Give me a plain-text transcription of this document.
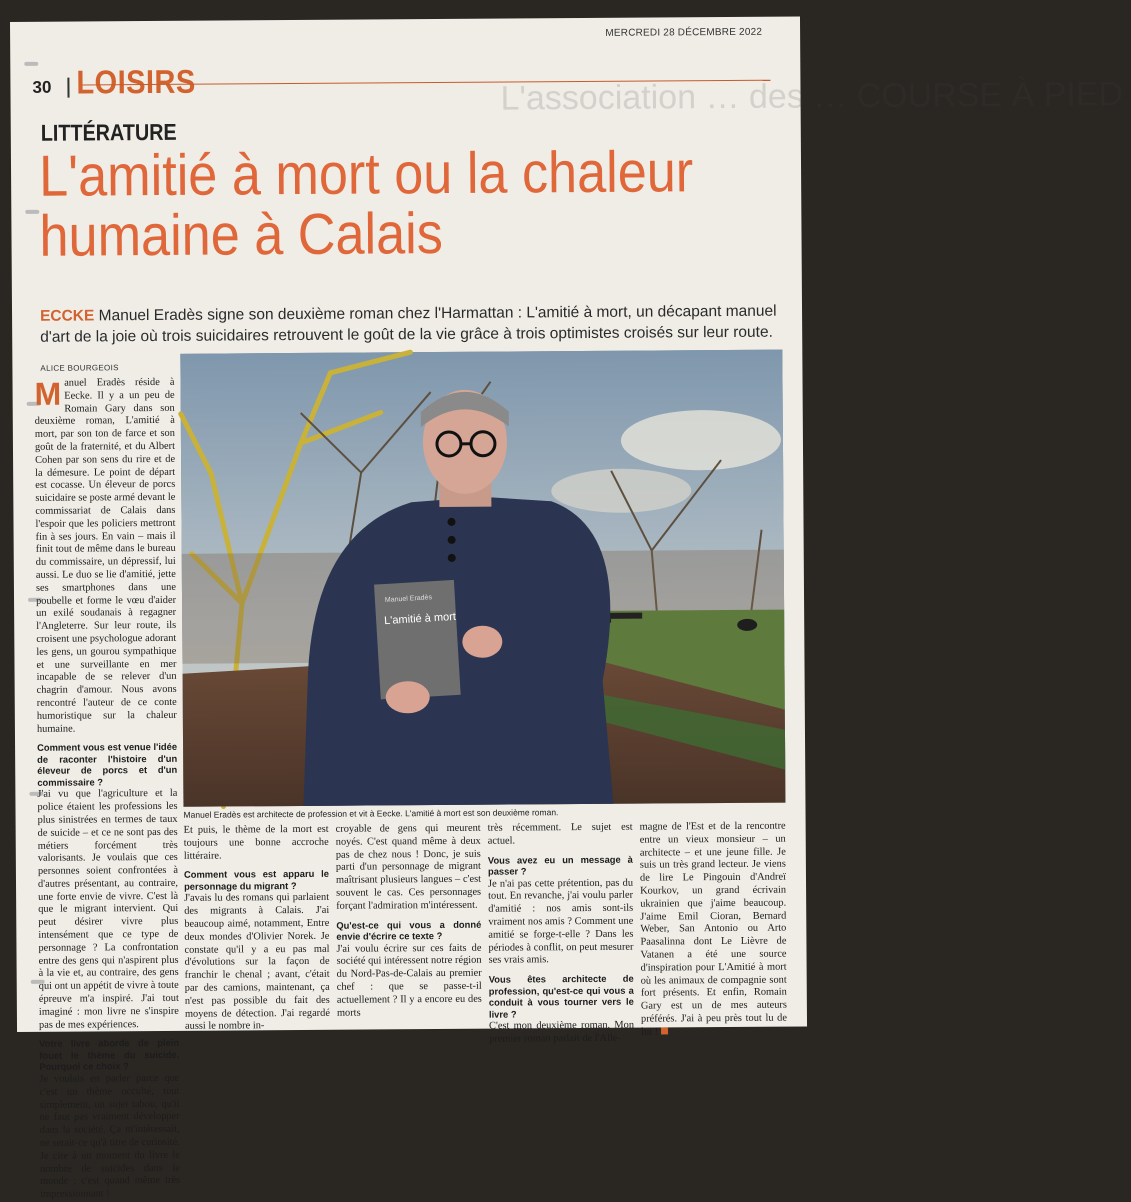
L'association … des … COURSE À PIED
MERCREDI 28 DÉCEMBRE 2022
30 LOISIRS
LITTÉRATURE
L'amitié à mort ou la chaleur humaine à Calais
ECCKE Manuel Eradès signe son deuxième roman chez l'Harmattan : L'amitié à mort, un décapant manuel d'art de la joie où trois suicidaires retrouvent le goût de la vie grâce à trois optimistes croisés sur leur route.
ALICE BOURGEOIS
M anuel Eradès réside à Eecke. Il y a un peu de Romain Gary dans son deuxième roman, L'amitié à mort, par son ton de farce et son goût de la fraternité, et du Albert Cohen par son sens du rire et de la démesure. Le point de départ est cocasse. Un éleveur de porcs suicidaire se poste armé devant le commissariat de Calais dans l'espoir que les policiers mettront fin à ses jours. En vain – mais il finit tout de même dans le bureau du commissaire, un dépressif, lui aussi. Le duo se lie d'amitié, jette ses smartphones dans une poubelle et forme le vœu d'aider un exilé soudanais à regagner l'Angleterre. Sur leur route, ils croisent une psychologue adorant les gens, un gourou sympathique et une surveillante en mer incapable de se relever d'un chagrin d'amour. Nous avons rencontré l'auteur de ce conte humoristique sur la chaleur humaine.
Comment vous est venue l'idée de raconter l'histoire d'un éleveur de porcs et d'un commissaire ?
J'ai vu que l'agriculture et la police étaient les professions les plus sinistrées en termes de taux de suicide – et ce ne sont pas des métiers forcément très valorisants. Je voulais que ces personnes soient confrontées à d'autres présentant, au contraire, une forte envie de vivre. C'est là que le migrant intervient. Qui peut désirer vivre plus intensément que ce type de personnage ? La confrontation entre des gens qui n'aspirent plus à la vie et, au contraire, des gens qui ont un appétit de vivre à toute épreuve m'a inspiré. J'ai tout imaginé : mon livre ne s'inspire pas de mes expériences.
Votre livre aborde de plein fouet le thème du suicide. Pourquoi ce choix ?
Je voulais en parler parce que c'est un thème occulté, tout simplement, un sujet tabou, qu'il ne faut pas vraiment développer dans la société. Ça m'intéressait, ne serait-ce qu'à titre de curiosité. Je cite à un moment du livre le nombre de suicides dans le monde : c'est quand même très impressionnant !
Manuel Eradès
L'amitié à mort
Manuel Eradès est architecte de profession et vit à Eecke. L'amitié à mort est son deuxième roman.
Et puis, le thème de la mort est toujours une bonne accroche littéraire.
Comment vous est apparu le personnage du migrant ?
J'avais lu des romans qui parlaient des migrants à Calais. J'ai beaucoup aimé, notamment, Entre deux mondes d'Olivier Norek. Je constate qu'il y a eu pas mal d'évolutions sur la façon de franchir le chenal ; avant, c'était par des camions, maintenant, ça n'est pas possible du fait des moyens de détection. J'ai regardé aussi le nombre in-
croyable de gens qui meurent noyés. C'est quand même à deux pas de chez nous ! Donc, je suis parti d'un personnage de migrant maîtrisant plusieurs langues – c'est souvent le cas. Ces personnages forçant l'admiration m'intéressent.
Qu'est-ce qui vous a donné envie d'écrire ce texte ?
J'ai voulu écrire sur ces faits de société qui intéressent notre région du Nord-Pas-de-Calais au premier chef : que se passe-t-il actuellement ? Il y a encore eu des morts
très récemment. Le sujet est actuel.
Vous avez eu un message à passer ?
Je n'ai pas cette prétention, pas du tout. En revanche, j'ai voulu parler d'amitié : nos amis sont-ils vraiment nos amis ? Comment une amitié se forge-t-elle ? Dans les périodes à conflit, on peut mesurer ses vrais amis.
Vous êtes architecte de profession, qu'est-ce qui vous a conduit à vous tourner vers le livre ?
C'est mon deuxième roman. Mon premier roman parlait de l'Alle-
magne de l'Est et de la rencontre entre un vieux monsieur – un architecte – et une jeune fille. Je suis un très grand lecteur. Je viens de lire Le Pingouin d'Andreï Kourkov, un grand écrivain ukrainien que j'aime beaucoup. J'aime Emil Cioran, Bernard Weber, San Antonio ou Arto Paasalinna dont Le Lièvre de Vatanen a été une source d'inspiration pour L'Amitié à mort où les animaux de compagnie sont fort présents. Et enfin, Romain Gary est un de mes auteurs préférés. J'ai à peu près tout lu de lui !
